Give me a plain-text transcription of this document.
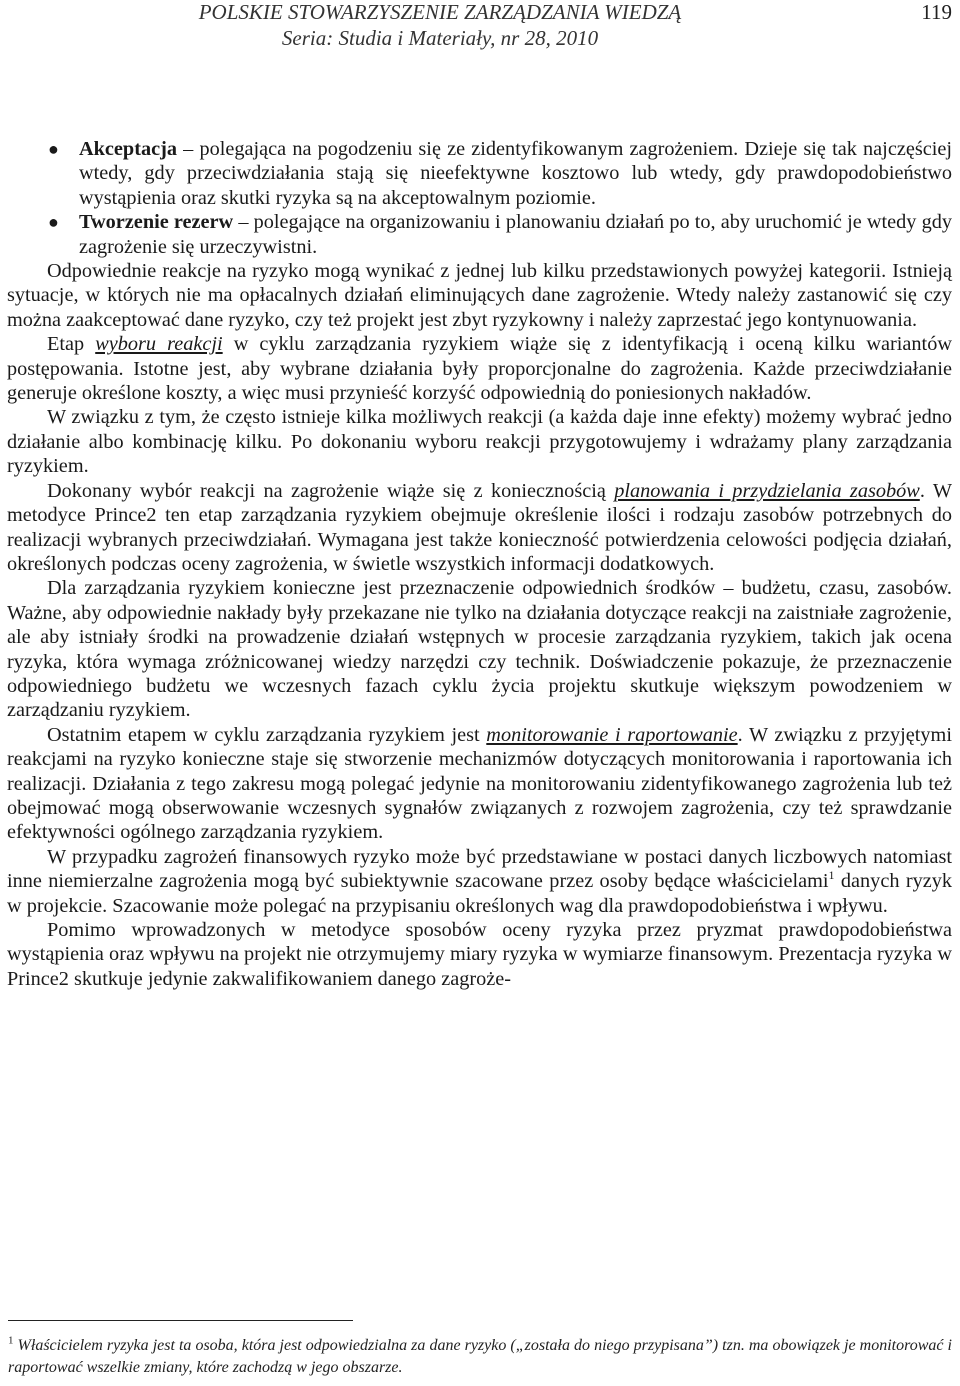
POLSKIE STOWARZYSZENIE ZARZĄDZANIA WIEDZĄ
Seria: Studia i Materiały, nr 28, 2010
119
● Akceptacja – polegająca na pogodzeniu się ze zidentyfikowanym zagrożeniem. Dzieje się tak najczęściej wtedy, gdy przeciwdziałania stają się nieefektywne kosztowo lub wtedy, gdy prawdopodobieństwo wystąpienia oraz skutki ryzyka są na akceptowalnym poziomie.
● Tworzenie rezerw – polegające na organizowaniu i planowaniu działań po to, aby uruchomić je wtedy gdy zagrożenie się urzeczywistni.

Odpowiednie reakcje na ryzyko mogą wynikać z jednej lub kilku przedstawionych powyżej kategorii. Istnieją sytuacje, w których nie ma opłacalnych działań eliminujących dane zagrożenie. Wtedy należy zastanowić się czy można zaakceptować dane ryzyko, czy też projekt jest zbyt ryzykowny i należy zaprzestać jego kontynuowania.

Etap wyboru reakcji w cyklu zarządzania ryzykiem wiąże się z identyfikacją i oceną kilku wariantów postępowania. Istotne jest, aby wybrane działania były proporcjonalne do zagrożenia. Każde przeciwdziałanie generuje określone koszty, a więc musi przynieść korzyść odpowiednią do poniesionych nakładów.

W związku z tym, że często istnieje kilka możliwych reakcji (a każda daje inne efekty) możemy wybrać jedno działanie albo kombinację kilku. Po dokonaniu wyboru reakcji przygotowujemy i wdrażamy plany zarządzania ryzykiem.

Dokonany wybór reakcji na zagrożenie wiąże się z koniecznością planowania i przydzielania zasobów. W metodyce Prince2 ten etap zarządzania ryzykiem obejmuje określenie ilości i rodzaju zasobów potrzebnych do realizacji wybranych przeciwdziałań. Wymagana jest także konieczność potwierdzenia celowości podjęcia działań, określonych podczas oceny zagrożenia, w świetle wszystkich informacji dodatkowych.

Dla zarządzania ryzykiem konieczne jest przeznaczenie odpowiednich środków – budżetu, czasu, zasobów. Ważne, aby odpowiednie nakłady były przekazane nie tylko na działania dotyczące reakcji na zaistniałe zagrożenie, ale aby istniały środki na prowadzenie działań wstępnych w procesie zarządzania ryzykiem, takich jak ocena ryzyka, która wymaga zróżnicowanej wiedzy narzędzi czy technik. Doświadczenie pokazuje, że przeznaczenie odpowiedniego budżetu we wczesnych fazach cyklu życia projektu skutkuje większym powodzeniem w zarządzaniu ryzykiem.

Ostatnim etapem w cyklu zarządzania ryzykiem jest monitorowanie i raportowanie. W związku z przyjętymi reakcjami na ryzyko konieczne staje się stworzenie mechanizmów dotyczących monitorowania i raportowania ich realizacji. Działania z tego zakresu mogą polegać jedynie na monitorowaniu zidentyfikowanego zagrożenia lub też obejmować mogą obserwowanie wczesnych sygnałów związanych z rozwojem zagrożenia, czy też sprawdzanie efektywności ogólnego zarządzania ryzykiem.

W przypadku zagrożeń finansowych ryzyko może być przedstawiane w postaci danych liczbowych natomiast inne niemierzalne zagrożenia mogą być subiektywnie szacowane przez osoby będące właścicielami$^1$ danych ryzyk w projekcie. Szacowanie może polegać na przypisaniu określonych wag dla prawdopodobieństwa i wpływu.

Pomimo wprowadzonych w metodyce sposobów oceny ryzyka przez pryzmat prawdopodobieństwa wystąpienia oraz wpływu na projekt nie otrzymujemy miary ryzyka w wymiarze finansowym. Prezentacja ryzyka w Prince2 skutkuje jedynie zakwalifikowaniem danego zagroże-

$^1$ Właścicielem ryzyka jest ta osoba, która jest odpowiedzialna za dane ryzyko („została do niego przypisana”) tzn. ma obowiązek je monitorować i raportować wszelkie zmiany, które zachodzą w jego obszarze.
